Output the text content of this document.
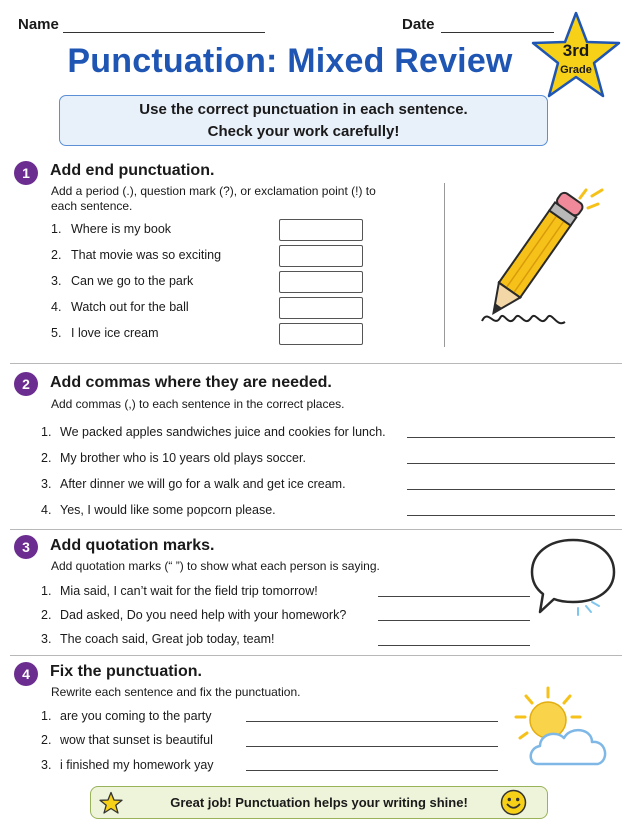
Name	Date
Punctuation: Mixed Review	3rd
Grade
Use the correct punctuation in each sentence.
Check your work carefully!
1	Add end punctuation.
Add a period (.), question mark (?), or exclamation point (!) to
each sentence.
1. Where is my book
2. That movie was so exciting
3. Can we go to the park
4. Watch out for the ball
5. I love ice cream
2	Add commas where they are needed.
Add commas (,) to each sentence in the correct places.
1. We packed apples sandwiches juice and cookies for lunch.
2. My brother who is 10 years old plays soccer.
3. After dinner we will go for a walk and get ice cream.
4. Yes, I would like some popcorn please.
3	Add quotation marks.
Add quotation marks (“ ”) to show what each person is saying.
1. Mia said, I can’t wait for the field trip tomorrow!
2. Dad asked, Do you need help with your homework?
3. The coach said, Great job today, team!
4	Fix the punctuation.
Rewrite each sentence and fix the punctuation.
1. are you coming to the party
2. wow that sunset is beautiful
3. i finished my homework yay
Great job! Punctuation helps your writing shine!
